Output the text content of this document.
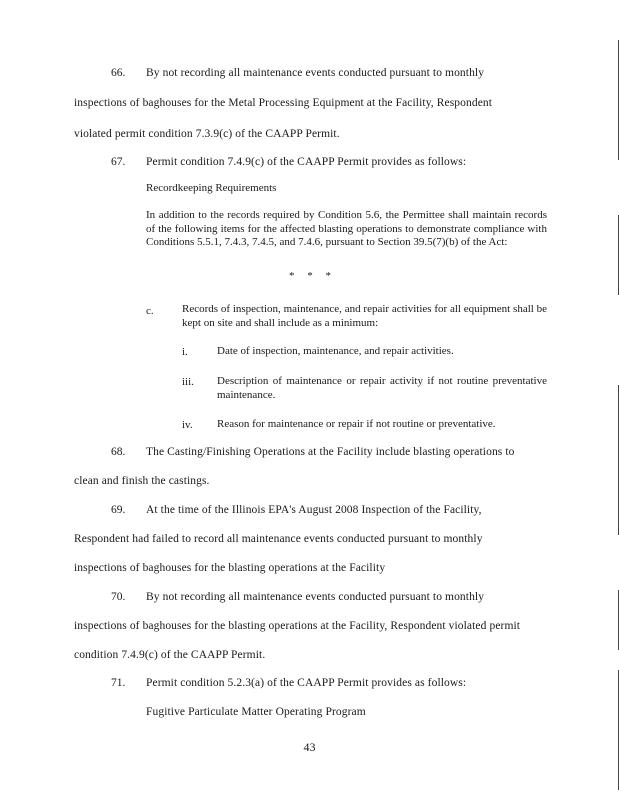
66. By not recording all maintenance events conducted pursuant to monthly
inspections of baghouses for the Metal Processing Equipment at the Facility, Respondent
violated permit condition 7.3.9(c) of the CAAPP Permit.
67. Permit condition 7.4.9(c) of the CAAPP Permit provides as follows:
Recordkeeping Requirements
In addition to the records required by Condition 5.6, the Permittee shall maintain records of the following items for the affected blasting operations to demonstrate compliance with Conditions 5.5.1, 7.4.3, 7.4.5, and 7.4.6, pursuant to Section 39.5(7)(b) of the Act:
* * *
c.	Records of inspection, maintenance, and repair activities for all equipment shall be kept on site and shall include as a minimum:
i.	Date of inspection, maintenance, and repair activities.
iii. Description of maintenance or repair activity if not routine preventative maintenance.
iv. Reason for maintenance or repair if not routine or preventative.
68. The Casting/Finishing Operations at the Facility include blasting operations to
clean and finish the castings.
69. At the time of the Illinois EPA's August 2008 Inspection of the Facility,
Respondent had failed to record all maintenance events conducted pursuant to monthly
inspections of baghouses for the blasting operations at the Facility
70. By not recording all maintenance events conducted pursuant to monthly
inspections of baghouses for the blasting operations at the Facility, Respondent violated permit
condition 7.4.9(c) of the CAAPP Permit.
71. Permit condition 5.2.3(a) of the CAAPP Permit provides as follows:
Fugitive Particulate Matter Operating Program
43
